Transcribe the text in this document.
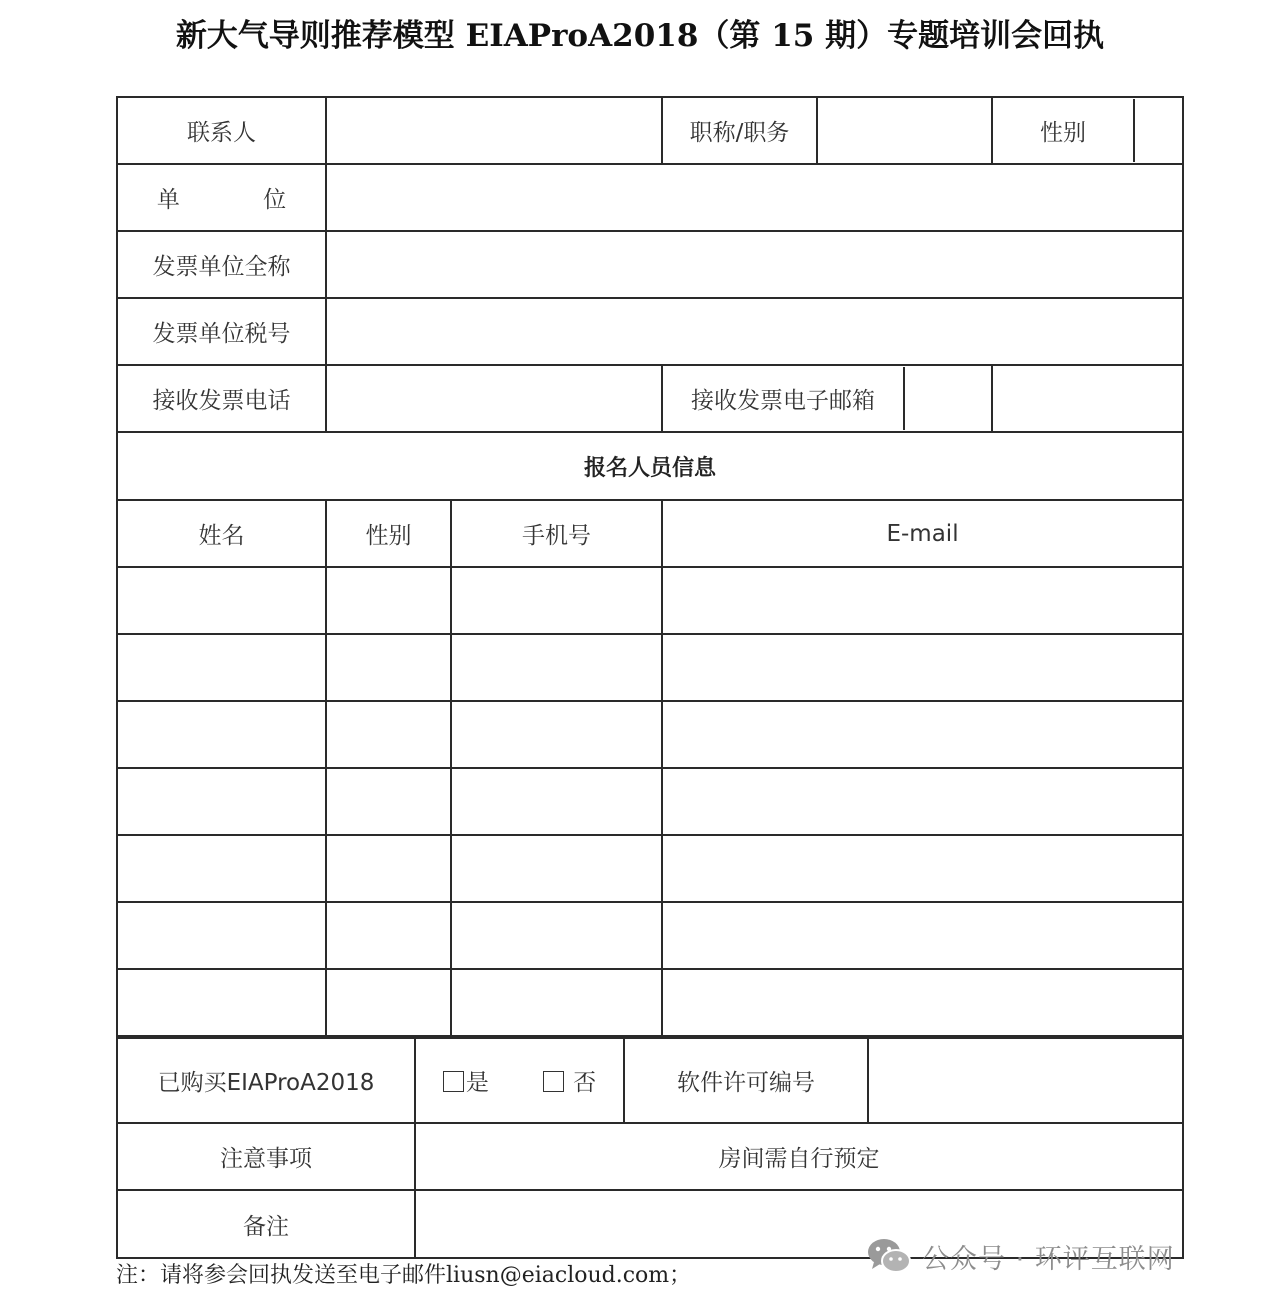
新大气导则推荐模型 EIAProA2018（第 15 期）专题培训会回执
联系人			职称/职务		性别

单 位					
发票单位全称					
发票单位税号					
接收发票电话			接收发票电子邮箱		

报名人员信息					
姓名	性别	手机号	E-mail		

已购买EIAProA2018	是 否	软件许可编号	
注意事项	房间需自行预定		
备注			
注：请将参会回执发送至电子邮件liusn@eiacloud.com；
公众号 · 环评互联网
